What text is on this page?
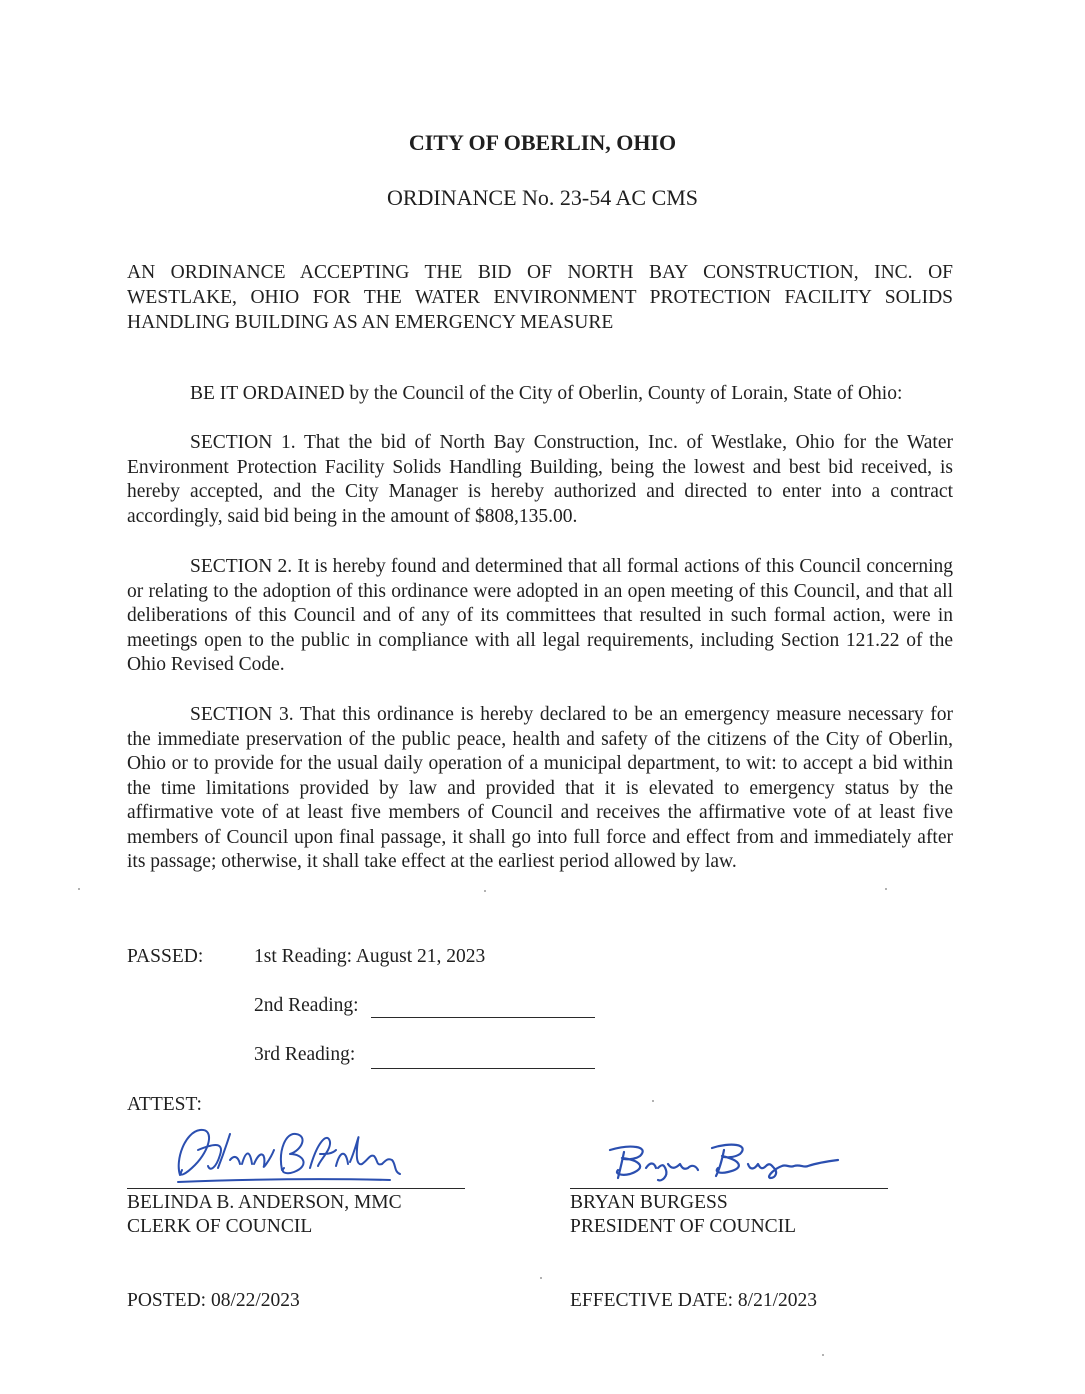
CITY OF OBERLIN, OHIO
ORDINANCE No. 23-54 AC CMS
AN ORDINANCE ACCEPTING THE BID OF NORTH BAY CONSTRUCTION, INC. OF WESTLAKE, OHIO FOR THE WATER ENVIRONMENT PROTECTION FACILITY SOLIDS HANDLING BUILDING AS AN EMERGENCY MEASURE
BE IT ORDAINED by the Council of the City of Oberlin, County of Lorain, State of Ohio:
SECTION 1. That the bid of North Bay Construction, Inc. of Westlake, Ohio for the Water Environment Protection Facility Solids Handling Building, being the lowest and best bid received, is hereby accepted, and the City Manager is hereby authorized and directed to enter into a contract accordingly, said bid being in the amount of $808,135.00.
SECTION 2. It is hereby found and determined that all formal actions of this Council concerning or relating to the adoption of this ordinance were adopted in an open meeting of this Council, and that all deliberations of this Council and of any of its committees that resulted in such formal action, were in meetings open to the public in compliance with all legal requirements, including Section 121.22 of the Ohio Revised Code.
SECTION 3. That this ordinance is hereby declared to be an emergency measure necessary for the immediate preservation of the public peace, health and safety of the citizens of the City of Oberlin, Ohio or to provide for the usual daily operation of a municipal department, to wit: to accept a bid within the time limitations provided by law and provided that it is elevated to emergency status by the affirmative vote of at least five members of Council and receives the affirmative vote of at least five members of Council upon final passage, it shall go into full force and effect from and immediately after its passage; otherwise, it shall take effect at the earliest period allowed by law.
PASSED:	1st Reading: August 21, 2023
2nd Reading:
3rd Reading:
ATTEST:
BELINDA B. ANDERSON, MMC
CLERK OF COUNCIL
BRYAN BURGESS
PRESIDENT OF COUNCIL
POSTED: 08/22/2023	EFFECTIVE DATE: 8/21/2023
